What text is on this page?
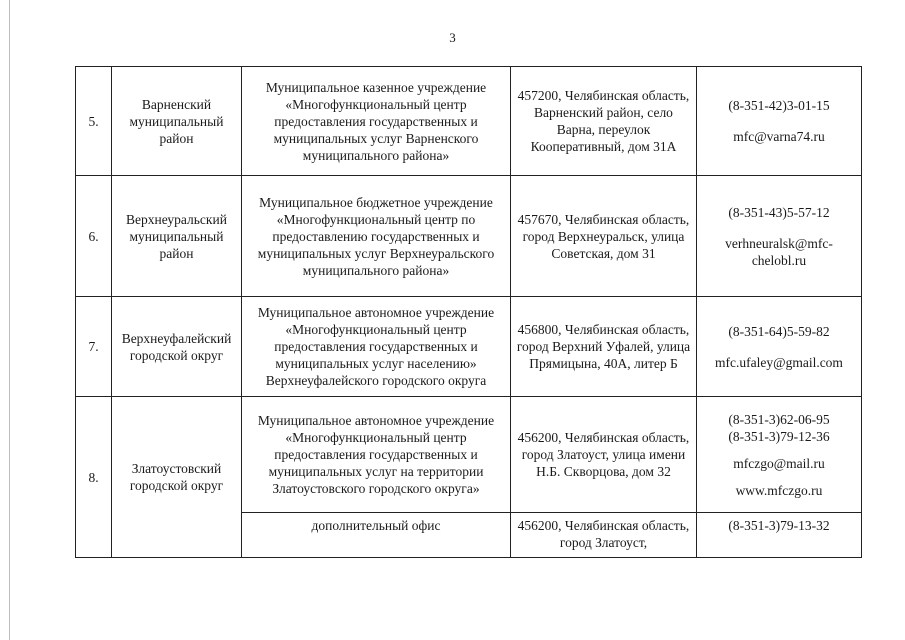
3
5.	Варненский муниципальный район	Муниципальное казенное учреждение «Многофункциональный центр предоставления государственных и муниципальных услуг Варненского муниципального района»	457200, Челябинская область, Варненский район, село Варна, переулок Кооперативный, дом 31А	(8-351-42)3-01-15
mfc@varna74.ru

6.	Верхнеуральский муниципальный район	Муниципальное бюджетное учреждение «Многофункциональный центр по предоставлению государственных и муниципальных услуг Верхнеуральского муниципального района»	457670, Челябинская область, город Верхнеуральск, улица Советская, дом 31	(8-351-43)5-57-12
verhneuralsk@mfc-chelobl.ru

7.	Верхнеуфалейский городской округ	Муниципальное автономное учреждение «Многофункциональный центр предоставления государственных и муниципальных услуг населению» Верхнеуфалейского городского округа	456800, Челябинская область, город Верхний Уфалей, улица Прямицына, 40А, литер Б	(8-351-64)5-59-82
mfc.ufaley@gmail.com

8.	Златоустовский городской округ	Муниципальное автономное учреждение «Многофункциональный центр предоставления государственных и муниципальных услуг на территории Златоустовского городского округа»	456200, Челябинская область, город Златоуст, улица имени Н.Б. Скворцова, дом 32	(8-351-3)62-06-95
(8-351-3)79-12-36
mfczgo@mail.ru
www.mfczgo.ru

		дополнительный офис	456200, Челябинская область, город Златоуст,	(8-351-3)79-13-32
